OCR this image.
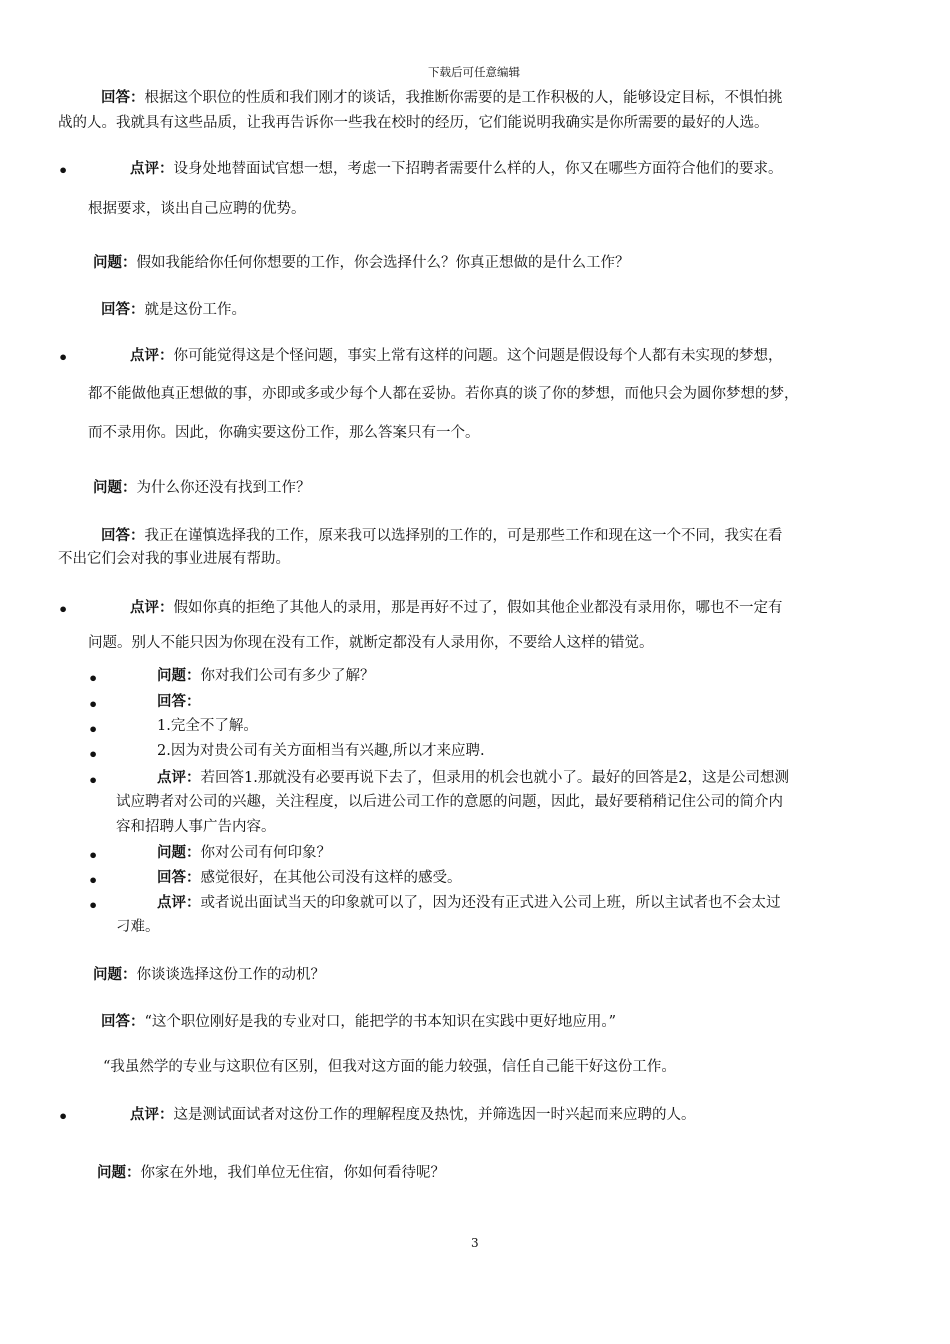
下载后可任意编辑
回答：根据这个职位的性质和我们刚才的谈话，我推断你需要的是工作积极的人，能够设定目标，不惧怕挑
战的人。我就具有这些品质，让我再告诉你一些我在校时的经历，它们能说明我确实是你所需要的最好的人选。
•	点评：设身处地替面试官想一想，考虑一下招聘者需要什么样的人，你又在哪些方面符合他们的要求。
根据要求，谈出自己应聘的优势。
问题：假如我能给你任何你想要的工作，你会选择什么？你真正想做的是什么工作？
回答：就是这份工作。
•	点评：你可能觉得这是个怪问题，事实上常有这样的问题。这个问题是假设每个人都有未实现的梦想，
都不能做他真正想做的事，亦即或多或少每个人都在妥协。若你真的谈了你的梦想，而他只会为圆你梦想的梦，
而不录用你。因此，你确实要这份工作，那么答案只有一个。
问题：为什么你还没有找到工作？
回答：我正在谨慎选择我的工作，原来我可以选择别的工作的，可是那些工作和现在这一个不同，我实在看
不出它们会对我的事业进展有帮助。
•	点评：假如你真的拒绝了其他人的录用，那是再好不过了，假如其他企业都没有录用你，哪也不一定有
问题。别人不能只因为你现在没有工作，就断定都没有人录用你，不要给人这样的错觉。
•	问题：你对我们公司有多少了解？
•	回答：
•	1.完全不了解。
•	2.因为对贵公司有关方面相当有兴趣,所以才来应聘.
•	点评：若回答1.那就没有必要再说下去了，但录用的机会也就小了。最好的回答是2，这是公司想测
试应聘者对公司的兴趣，关注程度，以后进公司工作的意愿的问题，因此，最好要稍稍记住公司的简介内
容和招聘人事广告内容。
•	问题：你对公司有何印象？
•	回答：感觉很好，在其他公司没有这样的感受。
•	点评：或者说出面试当天的印象就可以了，因为还没有正式进入公司上班，所以主试者也不会太过
刁难。
问题：你谈谈选择这份工作的动机？
回答：“这个职位刚好是我的专业对口，能把学的书本知识在实践中更好地应用。”
“我虽然学的专业与这职位有区别，但我对这方面的能力较强，信任自己能干好这份工作。
•	点评：这是测试面试者对这份工作的理解程度及热忱，并筛选因一时兴起而来应聘的人。
问题：你家在外地，我们单位无住宿，你如何看待呢？
3
